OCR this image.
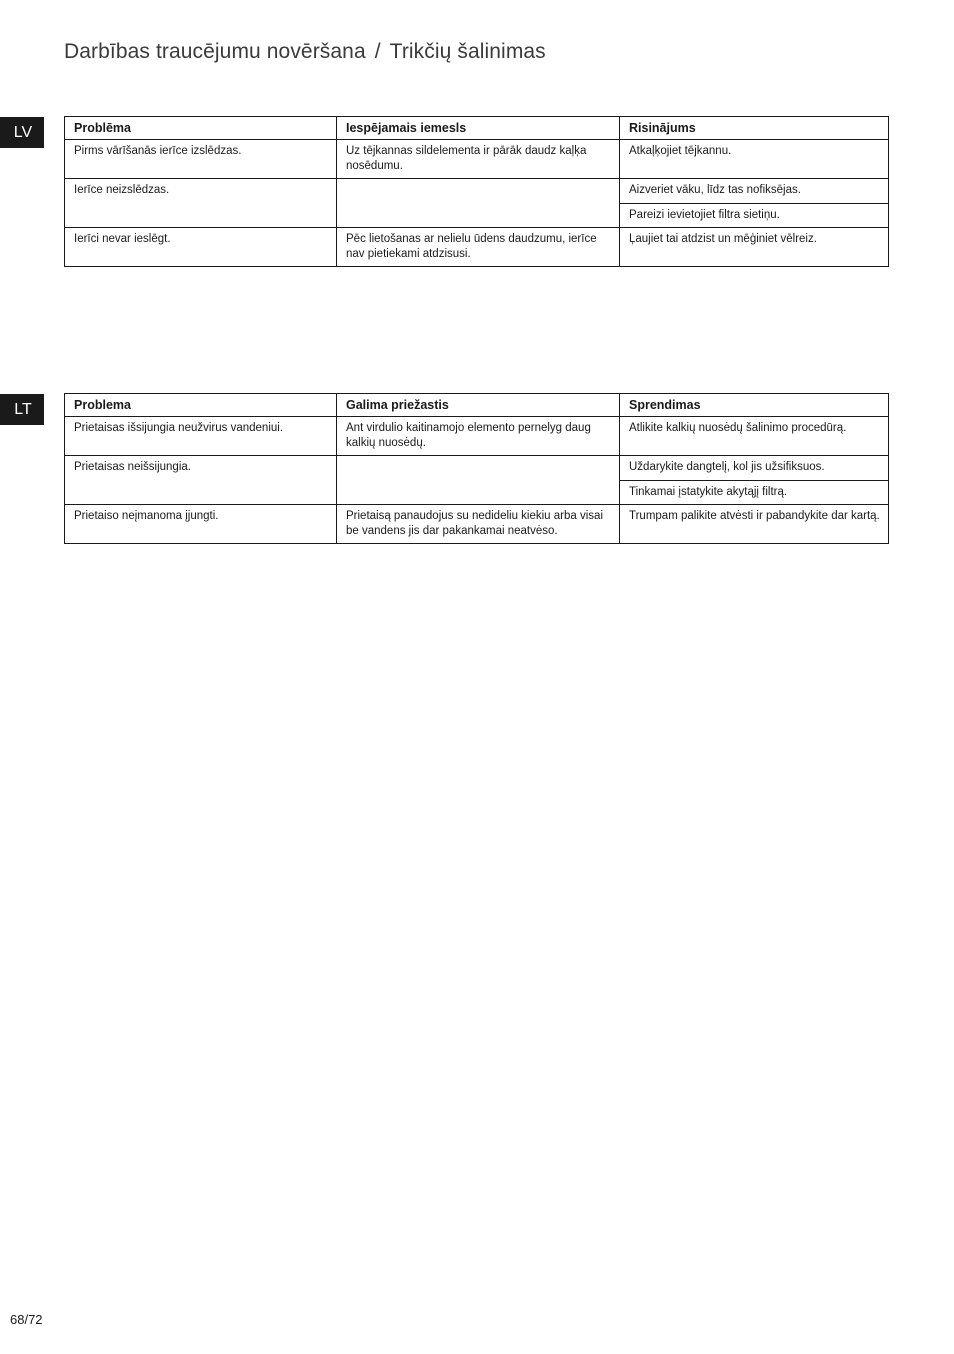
Darbības traucējumu novēršana / Trikčių šalinimas
LV	Problēma	Iespējamais iemesls	Risinājums
Pirms vārīšanās ierīce izslēdzas.	Uz tējkannas sildelementa ir pārāk daudz kaļķa nosēdumu.	Atkaļķojiet tējkannu.
Ierīce neizslēdzas.		Aizveriet vāku, līdz tas nofiksējas.
		Pareizi ievietojiet filtra sietiņu.
Ierīci nevar ieslēgt.	Pēc lietošanas ar nelielu ūdens daudzumu, ierīce nav pietiekami atdzisusi.	Ļaujiet tai atdzist un mēģiniet vēlreiz.
LT	Problema	Galima priežastis	Sprendimas
Prietaisas išsijungia neužvirus vandeniui.	Ant virdulio kaitinamojo elemento pernelyg daug kalkių nuosėdų.	Atlikite kalkių nuosėdų šalinimo procedūrą.
Prietaisas neišsijungia.		Uždarykite dangtelį, kol jis užsifiksuos.
		Tinkamai įstatykite akytąjį filtrą.
Prietaiso neįmanoma įjungti.	Prietaisą panaudojus su nedideliu kiekiu arba visai be vandens jis dar pakankamai neatvėso.	Trumpam palikite atvėsti ir pabandykite dar kartą.
68/72
